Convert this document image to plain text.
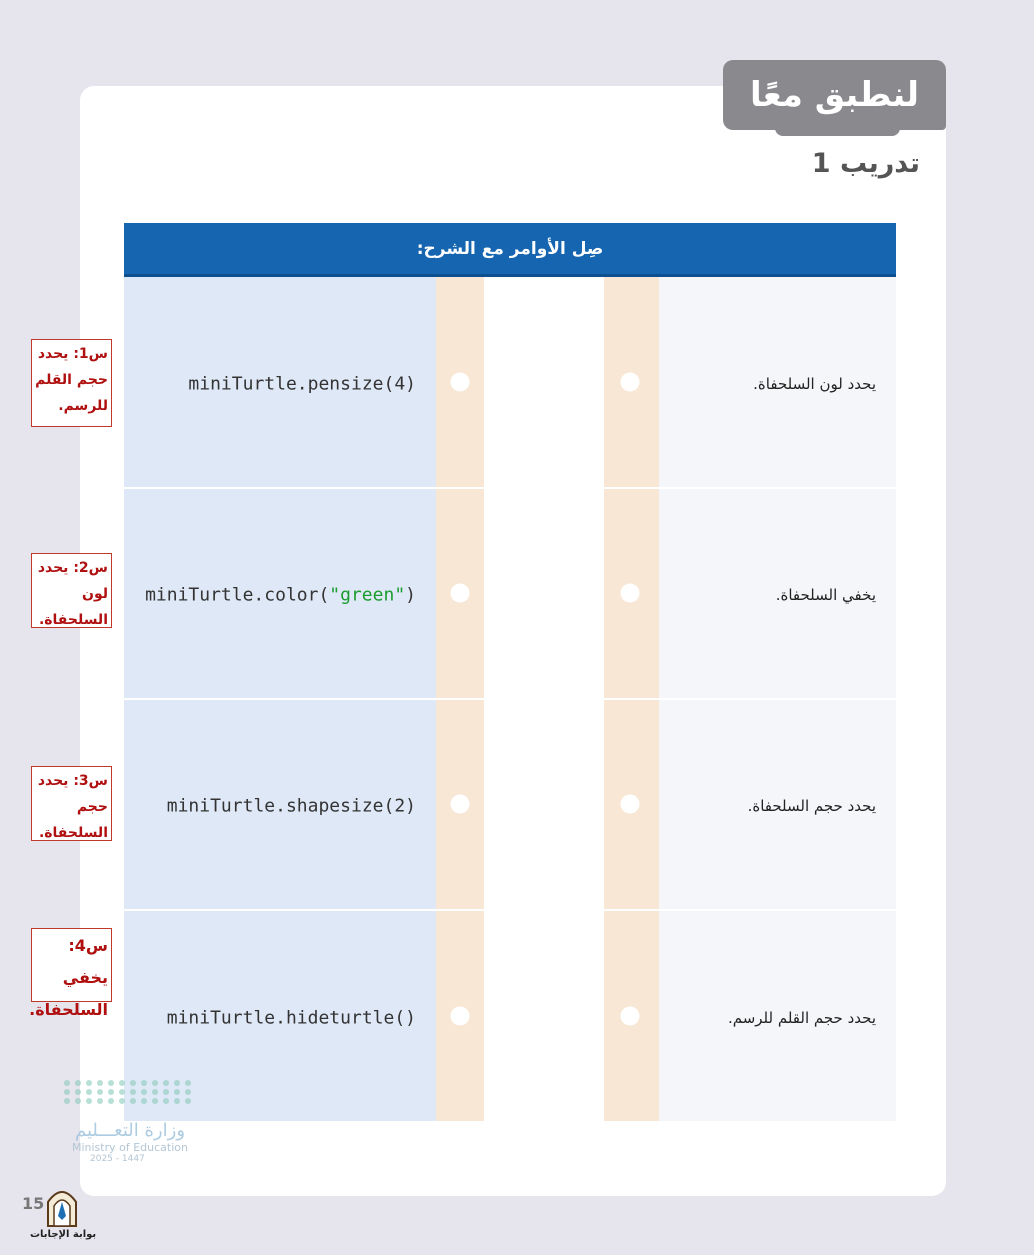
لنطبق معًا
تدريب 1
صِل الأوامر مع الشرح:
miniTurtle.pensize(4)	يحدد لون السلحفاة.
miniTurtle.color("green")	يخفي السلحفاة.
miniTurtle.shapesize(2)	يحدد حجم السلحفاة.
miniTurtle.hideturtle()	يحدد حجم القلم للرسم.
س1: يحدد حجم القلم للرسم.
س2: يحدد لون السلحفاة.
س3: يحدد حجم السلحفاة.
س4: يخفي السلحفاة.
وزارة التعـــليم
Ministry of Education
2025 - 1447
15
بوابة الإجابات
